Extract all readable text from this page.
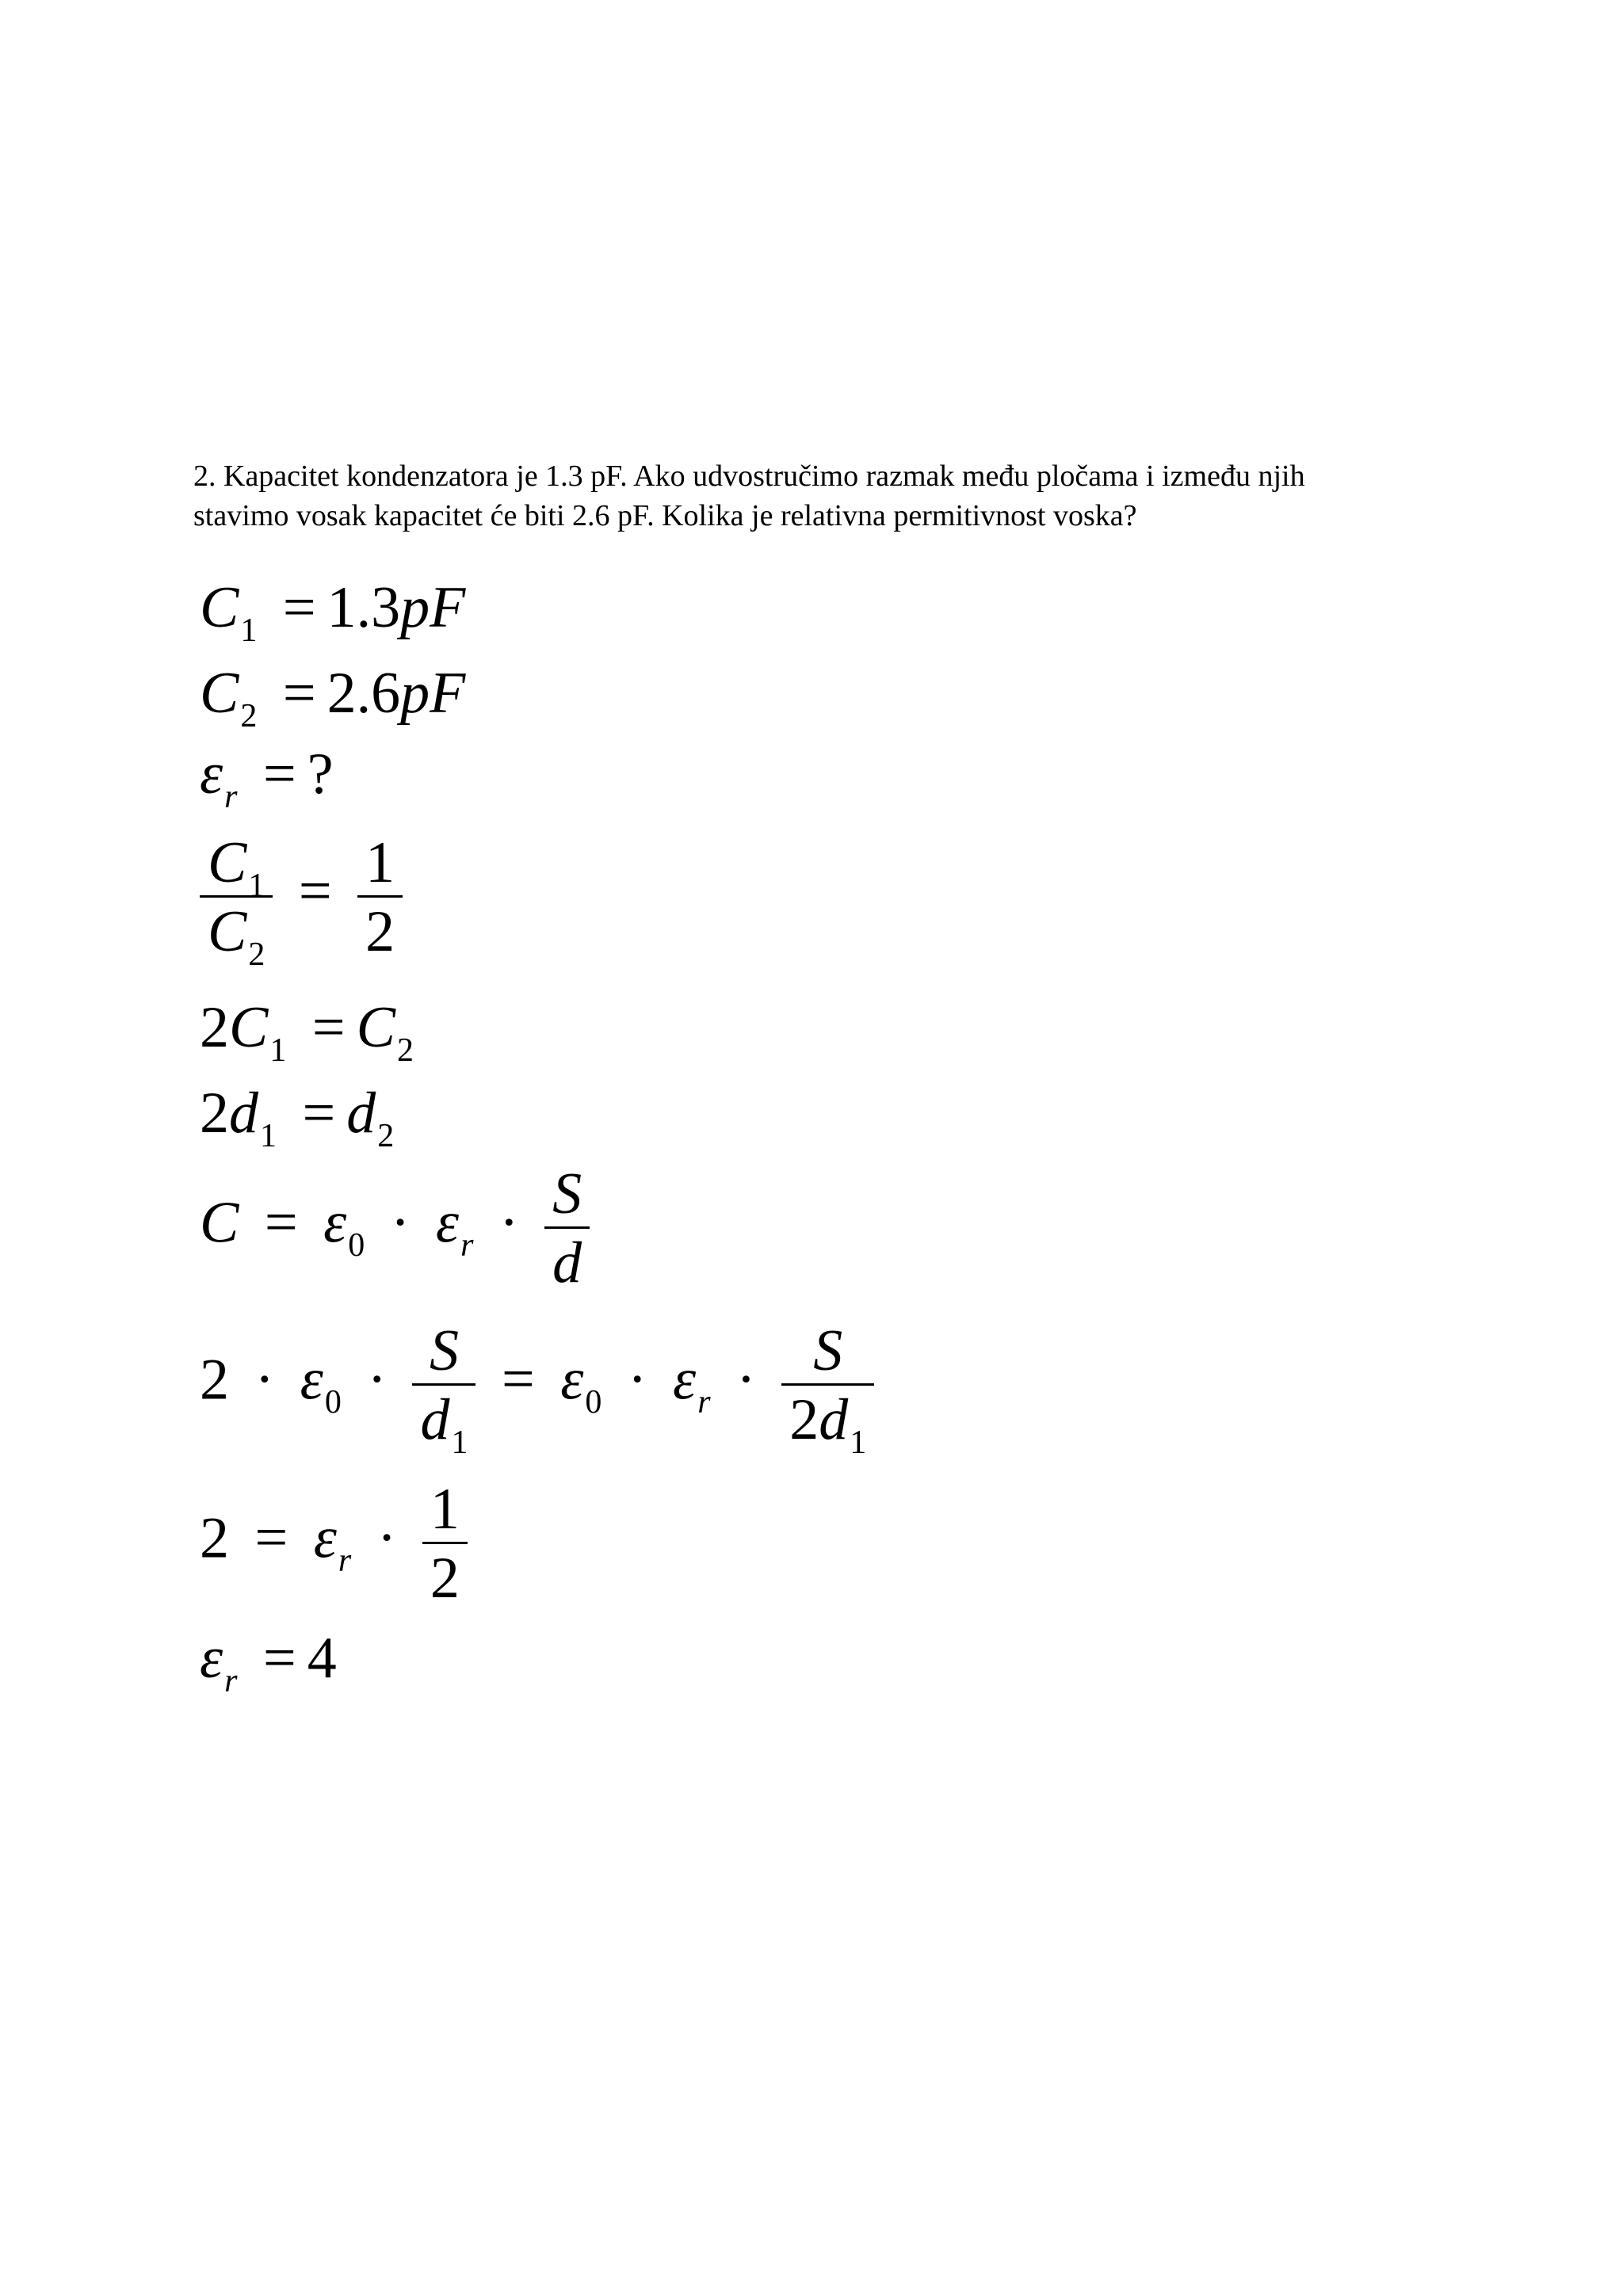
2. Kapacitet kondenzatora je 1.3 pF. Ako udvostručimo razmak među pločama i između njih

stavimo vosak kapacitet će biti 2.6 pF. Kolika je relativna permitivnost voska?

$C_1 = 1.3pF$
$C_2 = 2.6pF$
$\varepsilon_r$ = ?
$\frac{C_1}{C_2} = \frac{1}{2}$
$2C_1 = C_2$
$2d_1 = d_2$
$C = \varepsilon_0 \cdot \varepsilon_r \cdot \frac{S}{d}$
$2 \cdot \varepsilon_0 \cdot \frac{S}{d_1} = \varepsilon_0 \cdot \varepsilon_r \cdot \frac{S}{2d_1}$
$2 = \varepsilon_r \cdot \frac{1}{2}$
$\varepsilon_r = 4$
